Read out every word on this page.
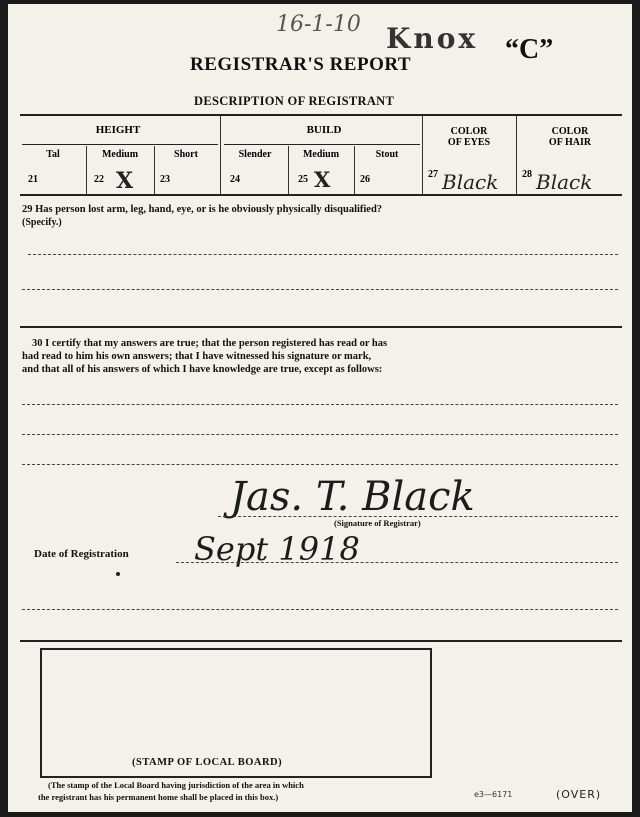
16-1-10 Knox “C”
REGISTRAR'S REPORT
DESCRIPTION OF REGISTRANT
HEIGHT
Tal	Medium	Short
21	22 X	23
BUILD
Slender	Medium	Stout
24	25 X	26
COLOR
OF EYES
27 Black
COLOR
OF HAIR
28 Black
29 Has person lost arm, leg, hand, eye, or is he obviously physically disqualified?
(Specify.)
30 I certify that my answers are true; that the person registered has read or has
had read to him his own answers; that I have witnessed his signature or mark,
and that all of his answers of which I have knowledge are true, except as follows:
Jas. T. Black
(Signature of Registrar)
Date of Registration Sept 1918
(STAMP OF LOCAL BOARD)
(The stamp of the Local Board having jurisdiction of the area in which
the registrant has his permanent home shall be placed in this box.)	e3—6171	(OVER)
